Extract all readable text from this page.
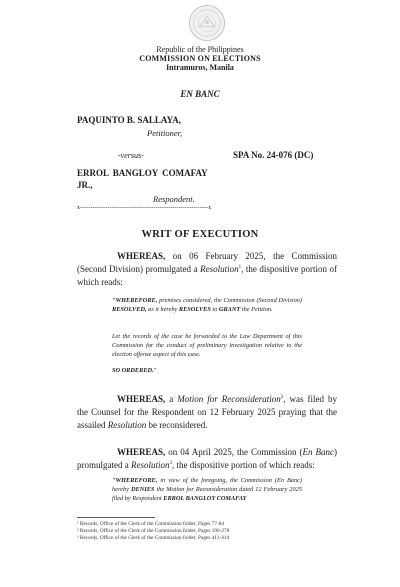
Republic of the Philippines
COMMISSION ON ELECTIONS
Intramuros, Manila
EN BANC
PAQUINTO B. SALLAYA,
Petitioner,
-versus-	SPA No. 24-076 (DC)
ERROL BANGLOY COMAFAY
JR.,
Respondent.
x-------------------------------------------------------------x
WRIT OF EXECUTION
WHEREAS, on 06 February 2025, the Commission (Second Division) promulgated a Resolution$^1$, the dispositive portion of which reads:
"WHEREFORE, premises considered, the Commission (Second Division) RESOLVED, as it hereby RESOLVES to GRANT the Petition.
Let the records of the case be forwarded to the Law Department of this Commission for the conduct of preliminary investigation relative to the election offense aspect of this case.
SO ORDERED."
WHEREAS, a Motion for Reconsideration$^2$, was filed by the Counsel for the Respondent on 12 February 2025 praying that the assailed Resolution be reconsidered.
WHEREAS, on 04 April 2025, the Commission (En Banc) promulgated a Resolution$^3$, the dispositive portion of which reads:
"WHEREFORE, in view of the foregoing, the Commission (En Banc) hereby DENIES the Motion for Reconsideration dated 12 February 2025 filed by Respondent ERROL BANGLOY COMAFAY
¹ Records, Office of the Clerk of the Commission folder, Pages 77-84
² Records, Office of the Clerk of the Commission folder, Pages 196-278
³ Records, Office of the Clerk of the Commission folder, Pages 411-414
